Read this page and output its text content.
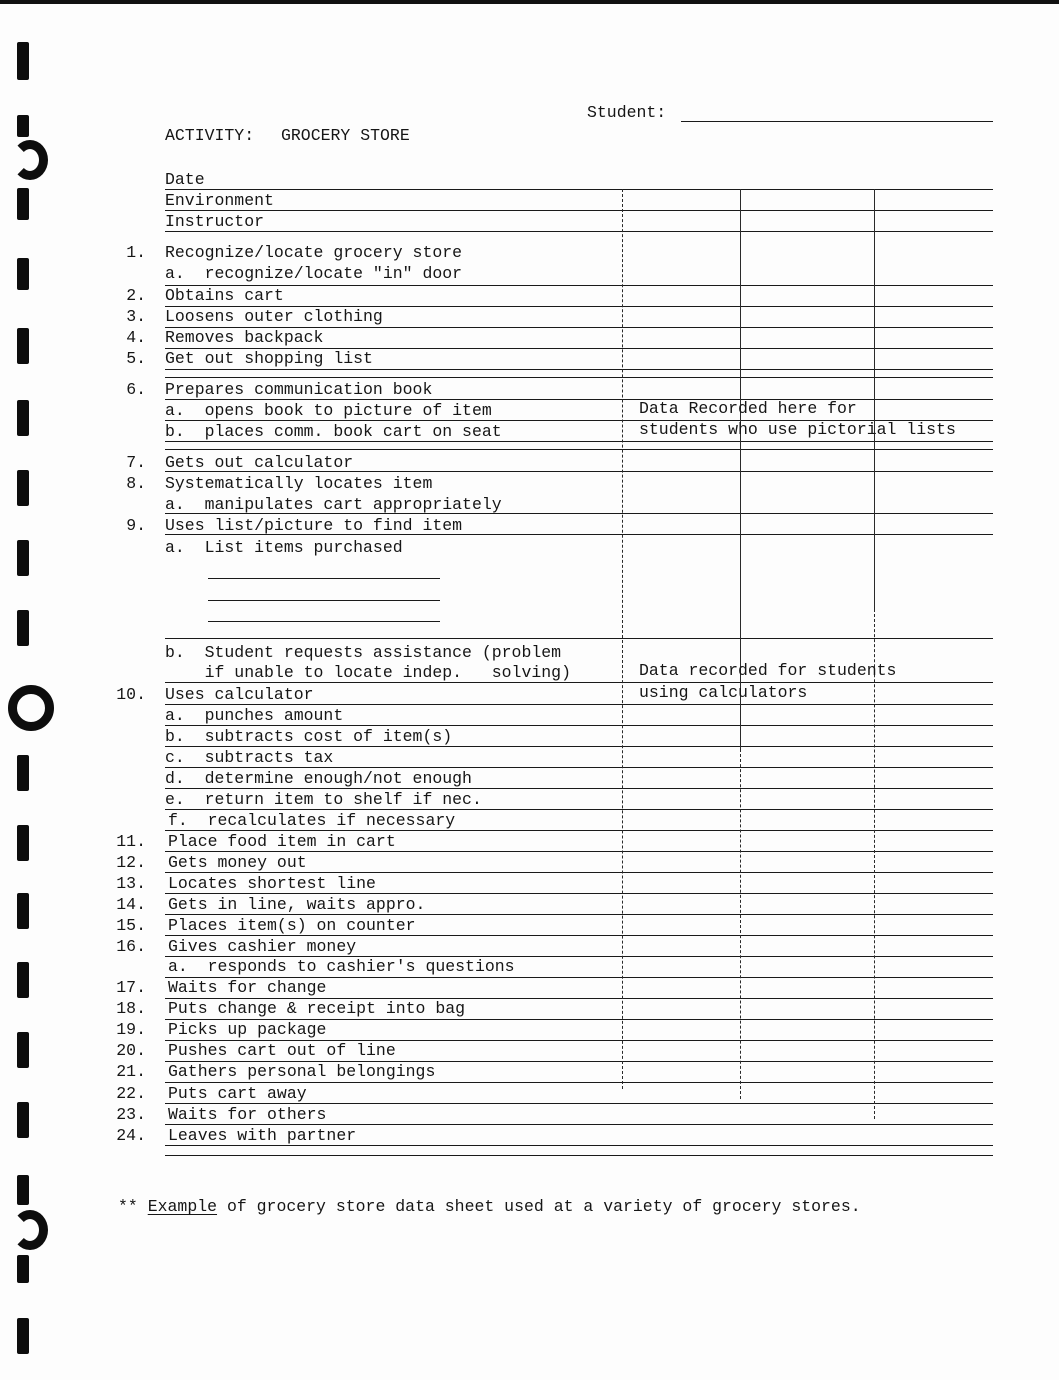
Student:
ACTIVITY: GROCERY STORE
Date
Environment
Instructor
1. Recognize/locate grocery store
a.  recognize/locate "in" door
2. Obtains cart
3. Loosens outer clothing
4. Removes backpack
5. Get out shopping list
6. Prepares communication book
a.  opens book to picture of item
b.  places comm. book cart on seat
7. Gets out calculator
8. Systematically locates item
a.  manipulates cart appropriately
9. Uses list/picture to find item
a.  List items purchased
b.  Student requests assistance (problem
if unable to locate indep.   solving)
10. Uses calculator
a.  punches amount
b.  subtracts cost of item(s)
c.  subtracts tax
d.  determine enough/not enough
e.  return item to shelf if nec.
f.  recalculates if necessary
11. Place food item in cart
12. Gets money out
13. Locates shortest line
14. Gets in line, waits appro.
15. Places item(s) on counter
16. Gives cashier money
a.  responds to cashier's questions
17. Waits for change
18. Puts change & receipt into bag
19. Picks up package
20. Pushes cart out of line
21. Gathers personal belongings
22. Puts cart away
23. Waits for others
24. Leaves with partner
Data Recorded here for
students who use pictorial lists
Data recorded for students
using calculators
** Example of grocery store data sheet used at a variety of grocery stores.
